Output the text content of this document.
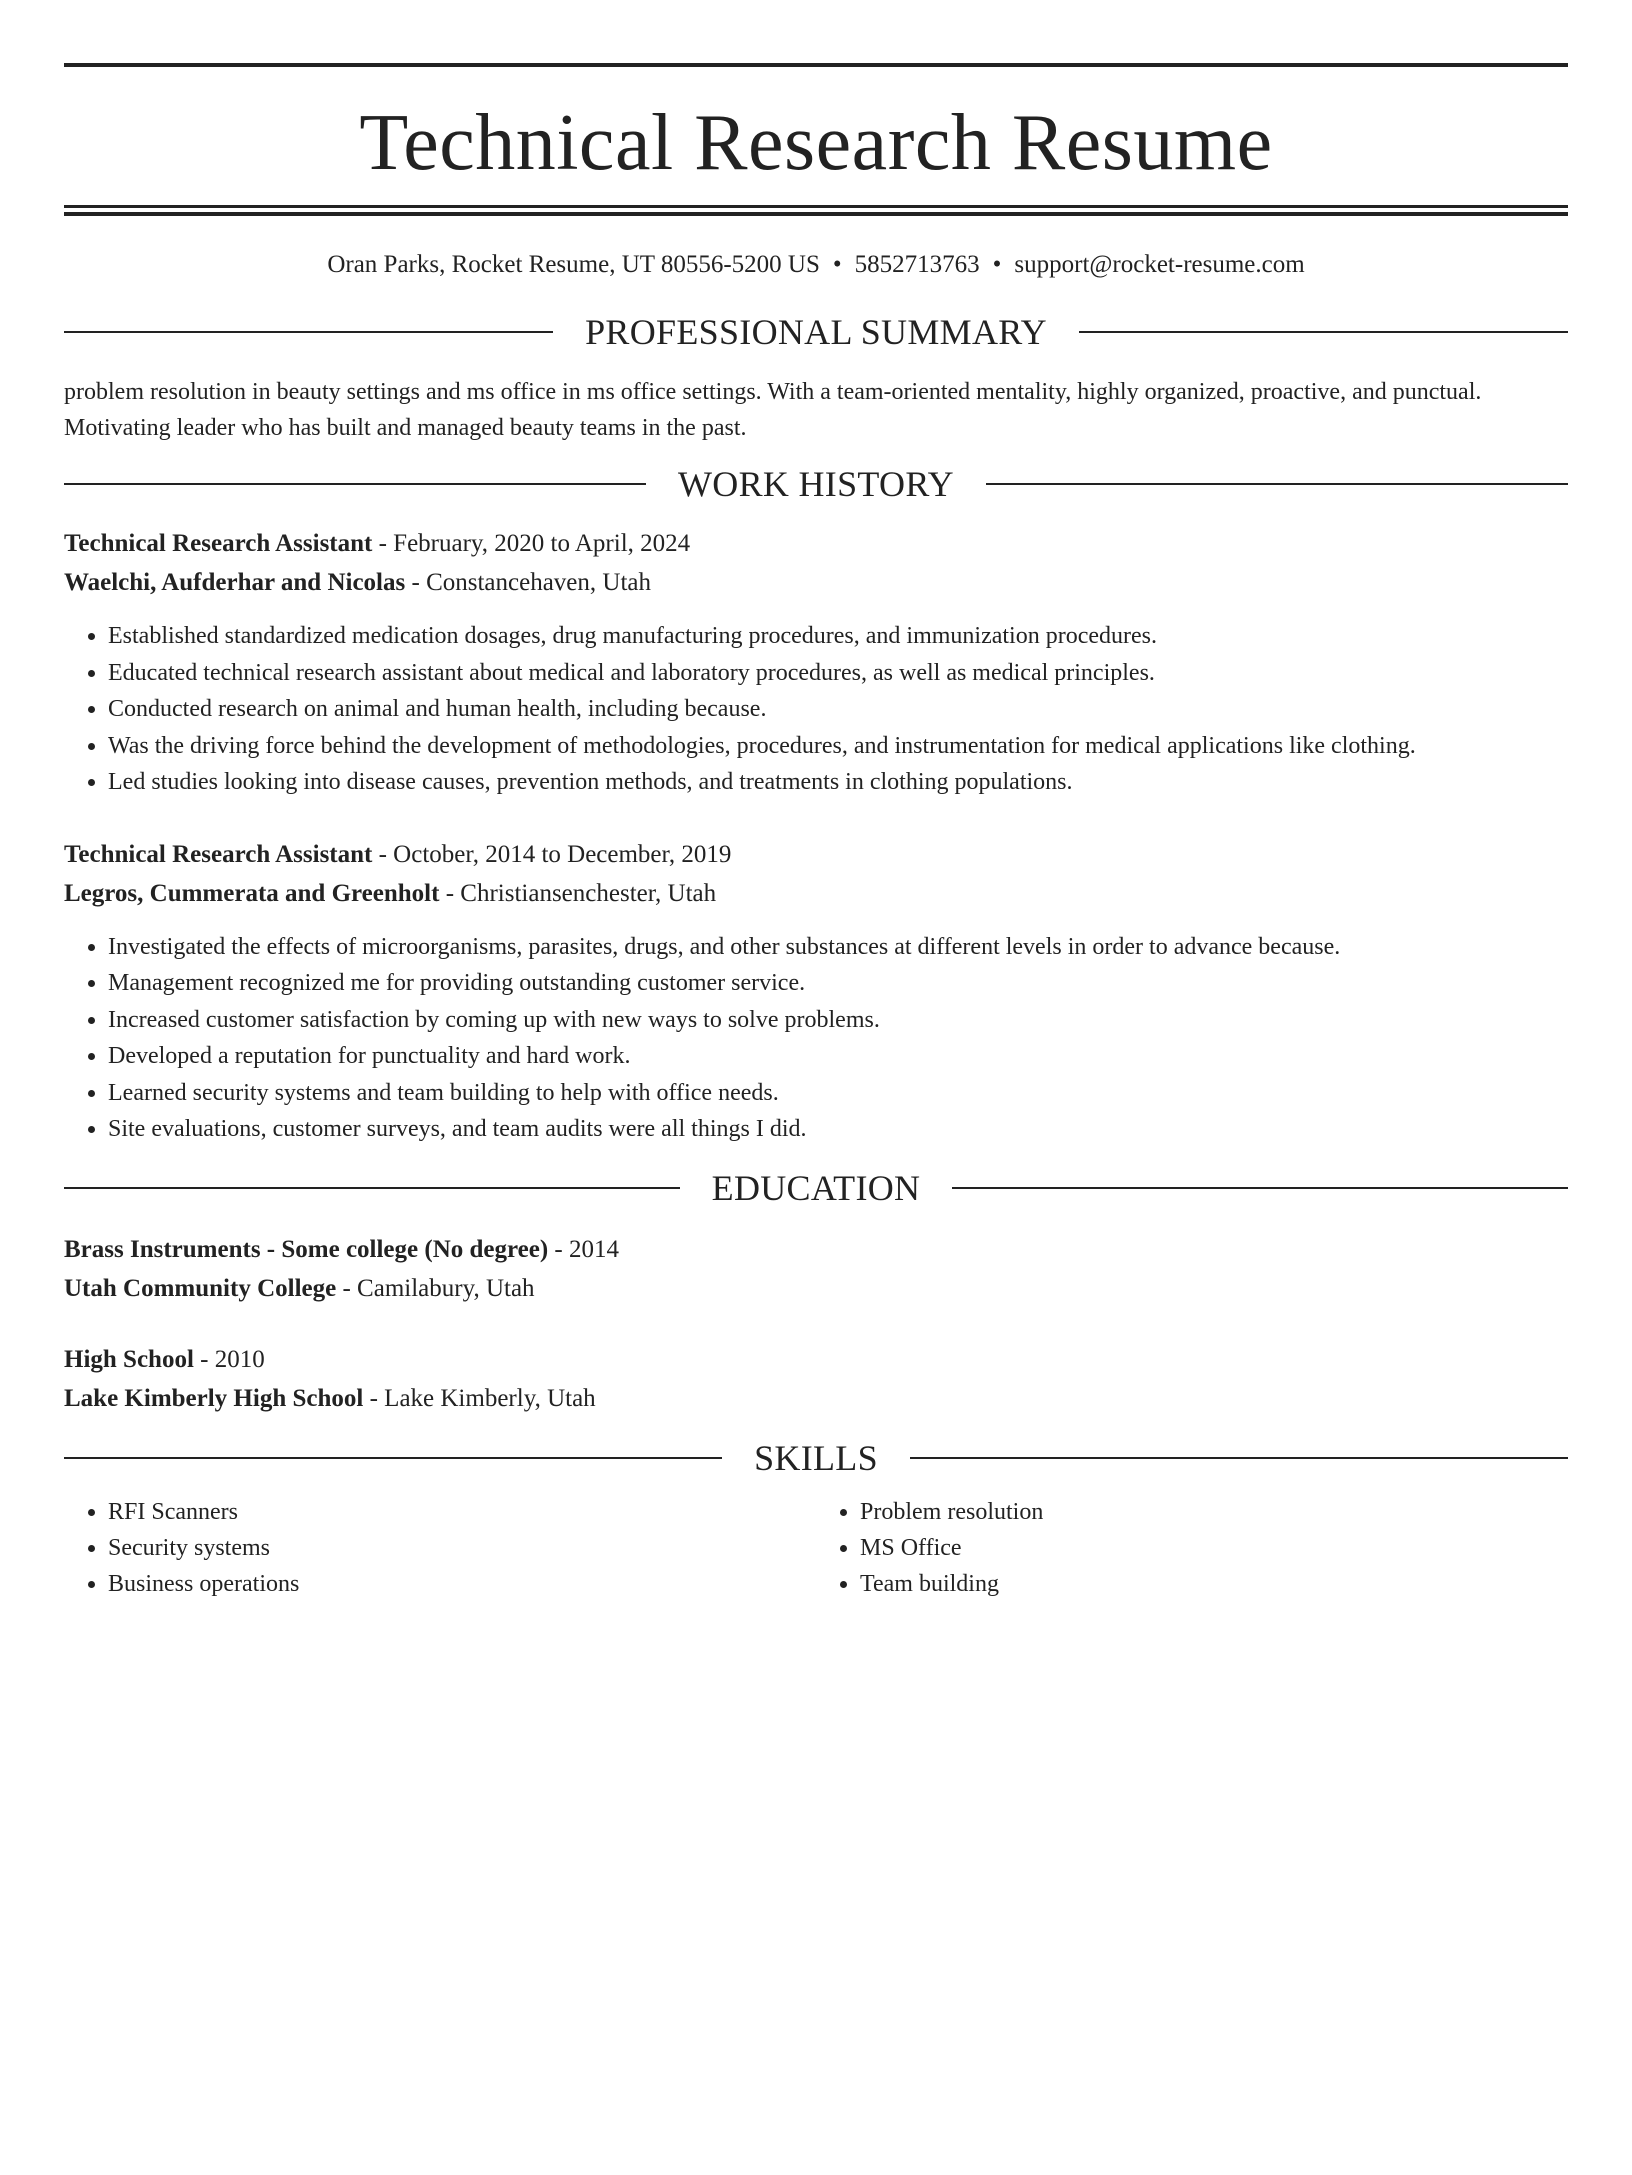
Technical Research Resume
Oran Parks, Rocket Resume, UT 80556-5200 US • 5852713763 • support@rocket-resume.com
PROFESSIONAL SUMMARY
problem resolution in beauty settings and ms office in ms office settings. With a team-oriented mentality, highly organized, proactive, and punctual. Motivating leader who has built and managed beauty teams in the past.
WORK HISTORY
Technical Research Assistant - February, 2020 to April, 2024
Waelchi, Aufderhar and Nicolas - Constancehaven, Utah
• Established standardized medication dosages, drug manufacturing procedures, and immunization procedures.
• Educated technical research assistant about medical and laboratory procedures, as well as medical principles.
• Conducted research on animal and human health, including because.
• Was the driving force behind the development of methodologies, procedures, and instrumentation for medical applications like clothing.
• Led studies looking into disease causes, prevention methods, and treatments in clothing populations.
Technical Research Assistant - October, 2014 to December, 2019
Legros, Cummerata and Greenholt - Christiansenchester, Utah
• Investigated the effects of microorganisms, parasites, drugs, and other substances at different levels in order to advance because.
• Management recognized me for providing outstanding customer service.
• Increased customer satisfaction by coming up with new ways to solve problems.
• Developed a reputation for punctuality and hard work.
• Learned security systems and team building to help with office needs.
• Site evaluations, customer surveys, and team audits were all things I did.
EDUCATION
Brass Instruments - Some college (No degree) - 2014
Utah Community College - Camilabury, Utah
High School - 2010
Lake Kimberly High School - Lake Kimberly, Utah
SKILLS
• RFI Scanners
• Security systems
• Business operations
• Problem resolution
• MS Office
• Team building
